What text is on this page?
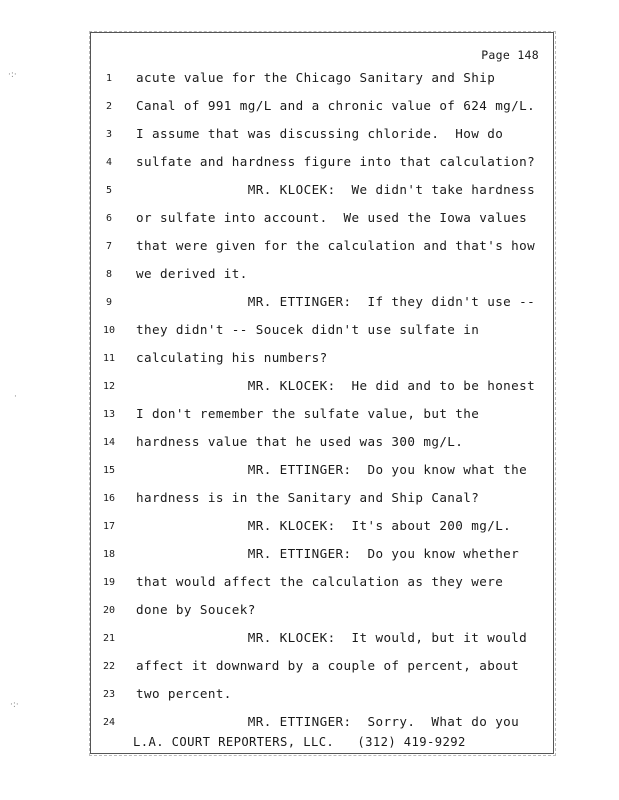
Page 148
1	acute value for the Chicago Sanitary and Ship
2	Canal of 991 mg/L and a chronic value of 624 mg/L.
3	I assume that was discussing chloride.  How do
4	sulfate and hardness figure into that calculation?
5	MR. KLOCEK:  We didn't take hardness
6	or sulfate into account.  We used the Iowa values
7	that were given for the calculation and that's how
8	we derived it.
9	MR. ETTINGER:  If they didn't use --
10	they didn't -- Soucek didn't use sulfate in
11	calculating his numbers?
12	MR. KLOCEK:  He did and to be honest
13	I don't remember the sulfate value, but the
14	hardness value that he used was 300 mg/L.
15	MR. ETTINGER:  Do you know what the
16	hardness is in the Sanitary and Ship Canal?
17	MR. KLOCEK:  It's about 200 mg/L.
18	MR. ETTINGER:  Do you know whether
19	that would affect the calculation as they were
20	done by Soucek?
21	MR. KLOCEK:  It would, but it would
22	affect it downward by a couple of percent, about
23	two percent.
24	MR. ETTINGER:  Sorry.  What do you
L.A. COURT REPORTERS, LLC.   (312) 419-9292
·:·
·
·:·
